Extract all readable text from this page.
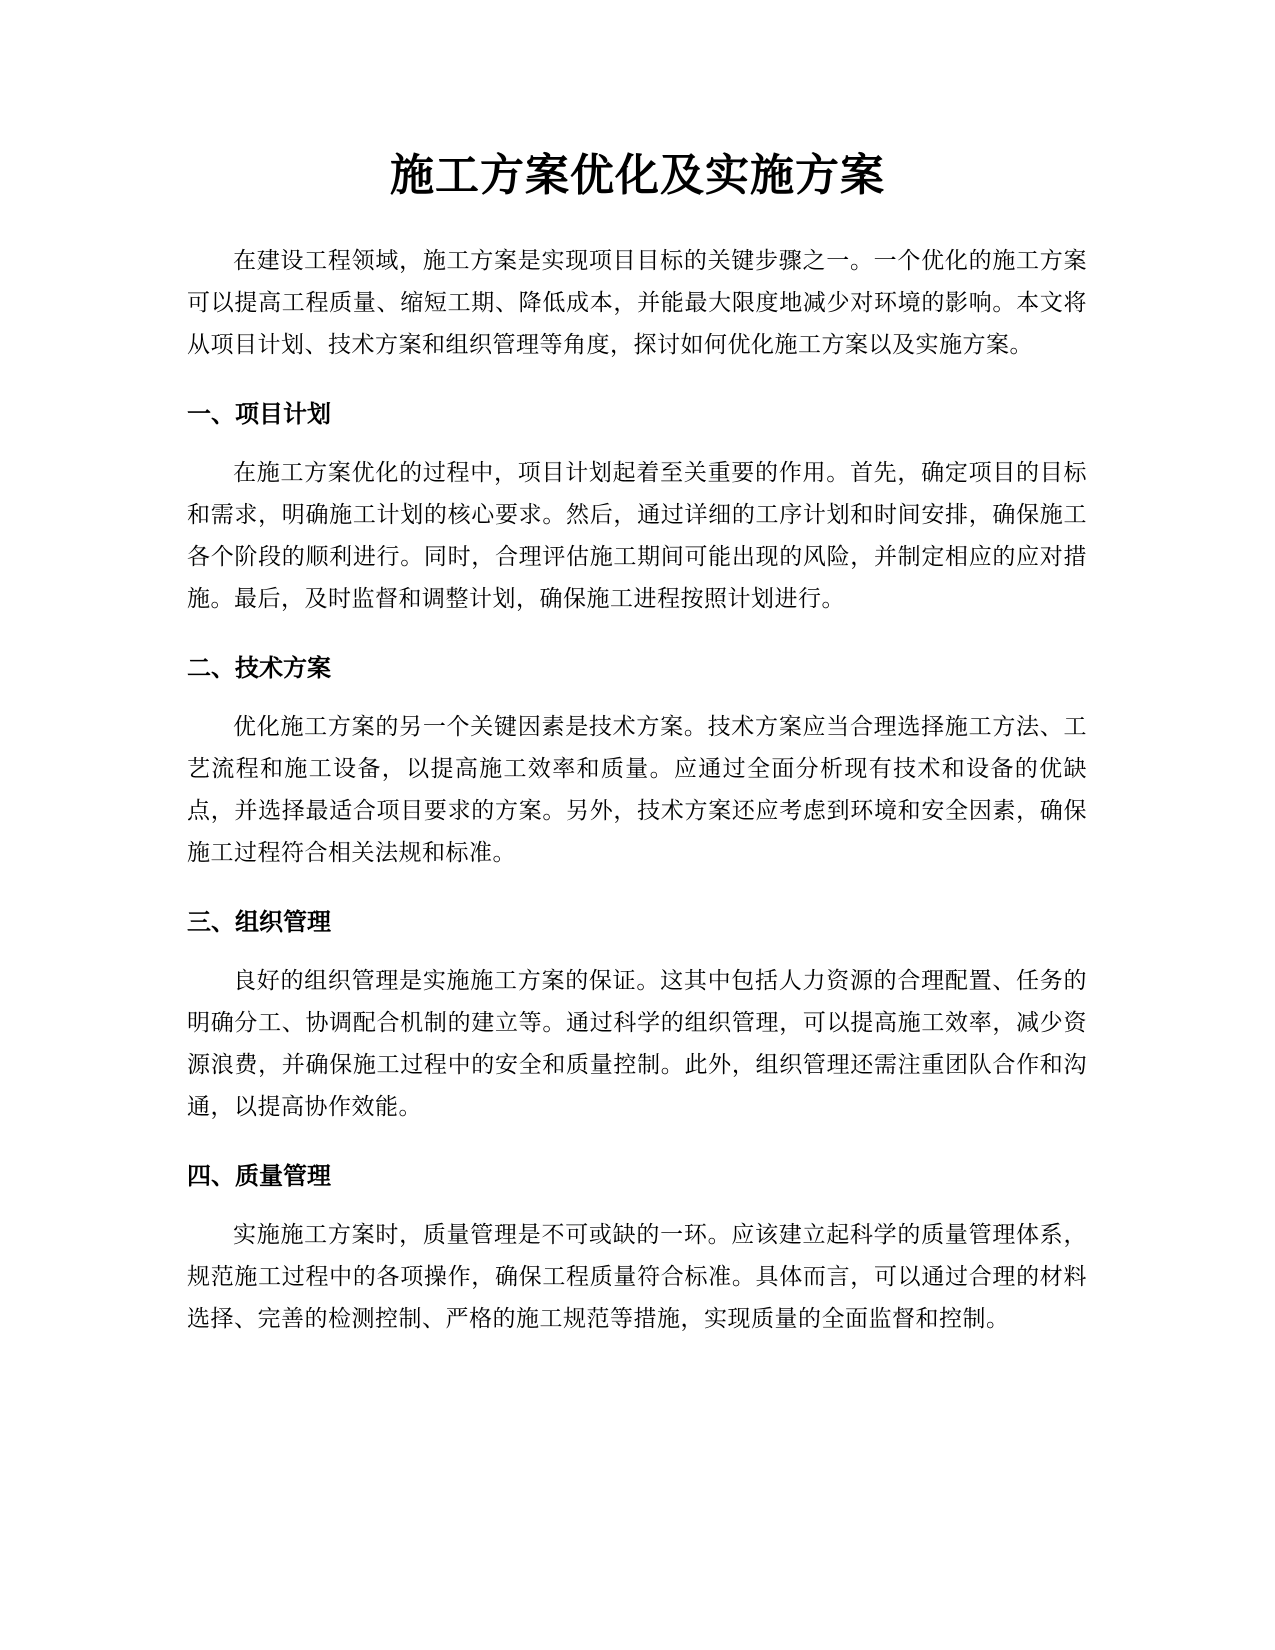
施工方案优化及实施方案

在建设工程领域，施工方案是实现项目目标的关键步骤之一。一个优化的施工方案可以提高工程质量、缩短工期、降低成本，并能最大限度地减少对环境的影响。本文将从项目计划、技术方案和组织管理等角度，探讨如何优化施工方案以及实施方案。

一、项目计划

在施工方案优化的过程中，项目计划起着至关重要的作用。首先，确定项目的目标和需求，明确施工计划的核心要求。然后，通过详细的工序计划和时间安排，确保施工各个阶段的顺利进行。同时，合理评估施工期间可能出现的风险，并制定相应的应对措施。最后，及时监督和调整计划，确保施工进程按照计划进行。

二、技术方案

优化施工方案的另一个关键因素是技术方案。技术方案应当合理选择施工方法、工艺流程和施工设备，以提高施工效率和质量。应通过全面分析现有技术和设备的优缺点，并选择最适合项目要求的方案。另外，技术方案还应考虑到环境和安全因素，确保施工过程符合相关法规和标准。

三、组织管理

良好的组织管理是实施施工方案的保证。这其中包括人力资源的合理配置、任务的明确分工、协调配合机制的建立等。通过科学的组织管理，可以提高施工效率，减少资源浪费，并确保施工过程中的安全和质量控制。此外，组织管理还需注重团队合作和沟通，以提高协作效能。

四、质量管理

实施施工方案时，质量管理是不可或缺的一环。应该建立起科学的质量管理体系，规范施工过程中的各项操作，确保工程质量符合标准。具体而言，可以通过合理的材料选择、完善的检测控制、严格的施工规范等措施，实现质量的全面监督和控制。
